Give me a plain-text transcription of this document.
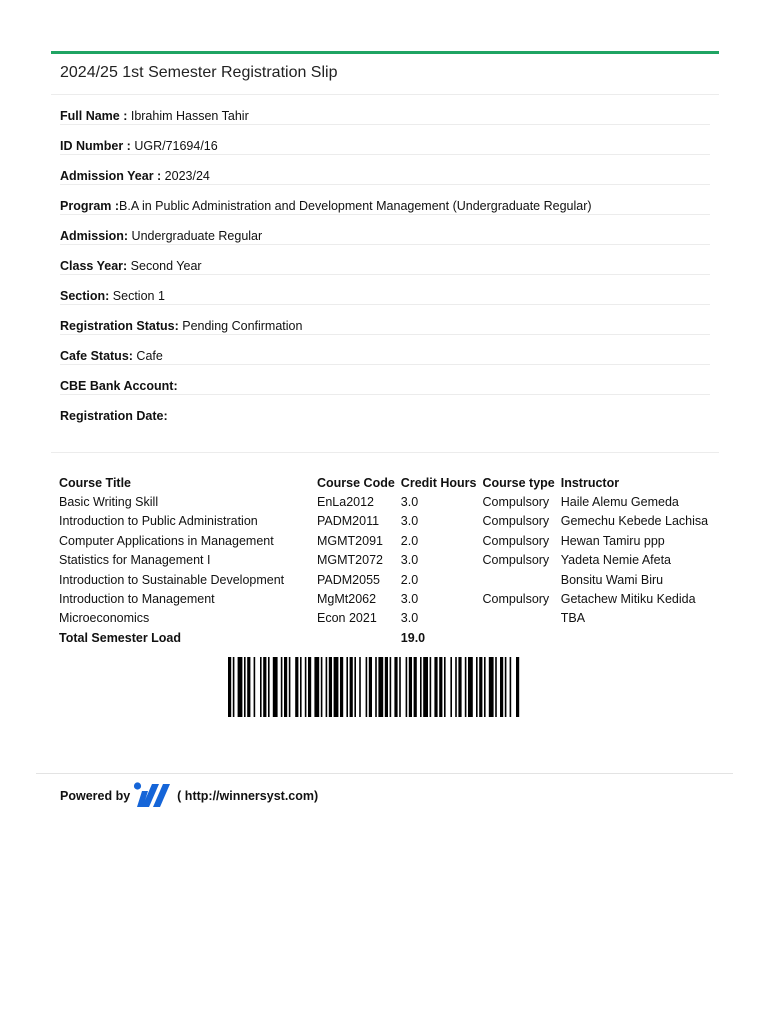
2024/25 1st Semester Registration Slip
Full Name : Ibrahim Hassen Tahir
ID Number : UGR/71694/16
Admission Year : 2023/24
Program :B.A in Public Administration and Development Management (Undergraduate Regular)
Admission: Undergraduate Regular
Class Year: Second Year
Section: Section 1
Registration Status: Pending Confirmation
Cafe Status: Cafe
CBE Bank Account:
Registration Date:
Course Title	Course Code	Credit Hours	Course type	Instructor
Basic Writing Skill	EnLa2012	3.0	Compulsory	Haile Alemu Gemeda
Introduction to Public Administration	PADM2011	3.0	Compulsory	Gemechu Kebede Lachisa
Computer Applications in Management	MGMT2091	2.0	Compulsory	Hewan Tamiru ppp
Statistics for Management I	MGMT2072	3.0	Compulsory	Yadeta Nemie Afeta
Introduction to Sustainable Development	PADM2055	2.0		Bonsitu Wami Biru
Introduction to Management	MgMt2062	3.0	Compulsory	Getachew Mitiku Kedida
Microeconomics	Econ 2021	3.0		TBA
Total Semester Load		19.0		
Powered by	( http://winnersyst.com)
